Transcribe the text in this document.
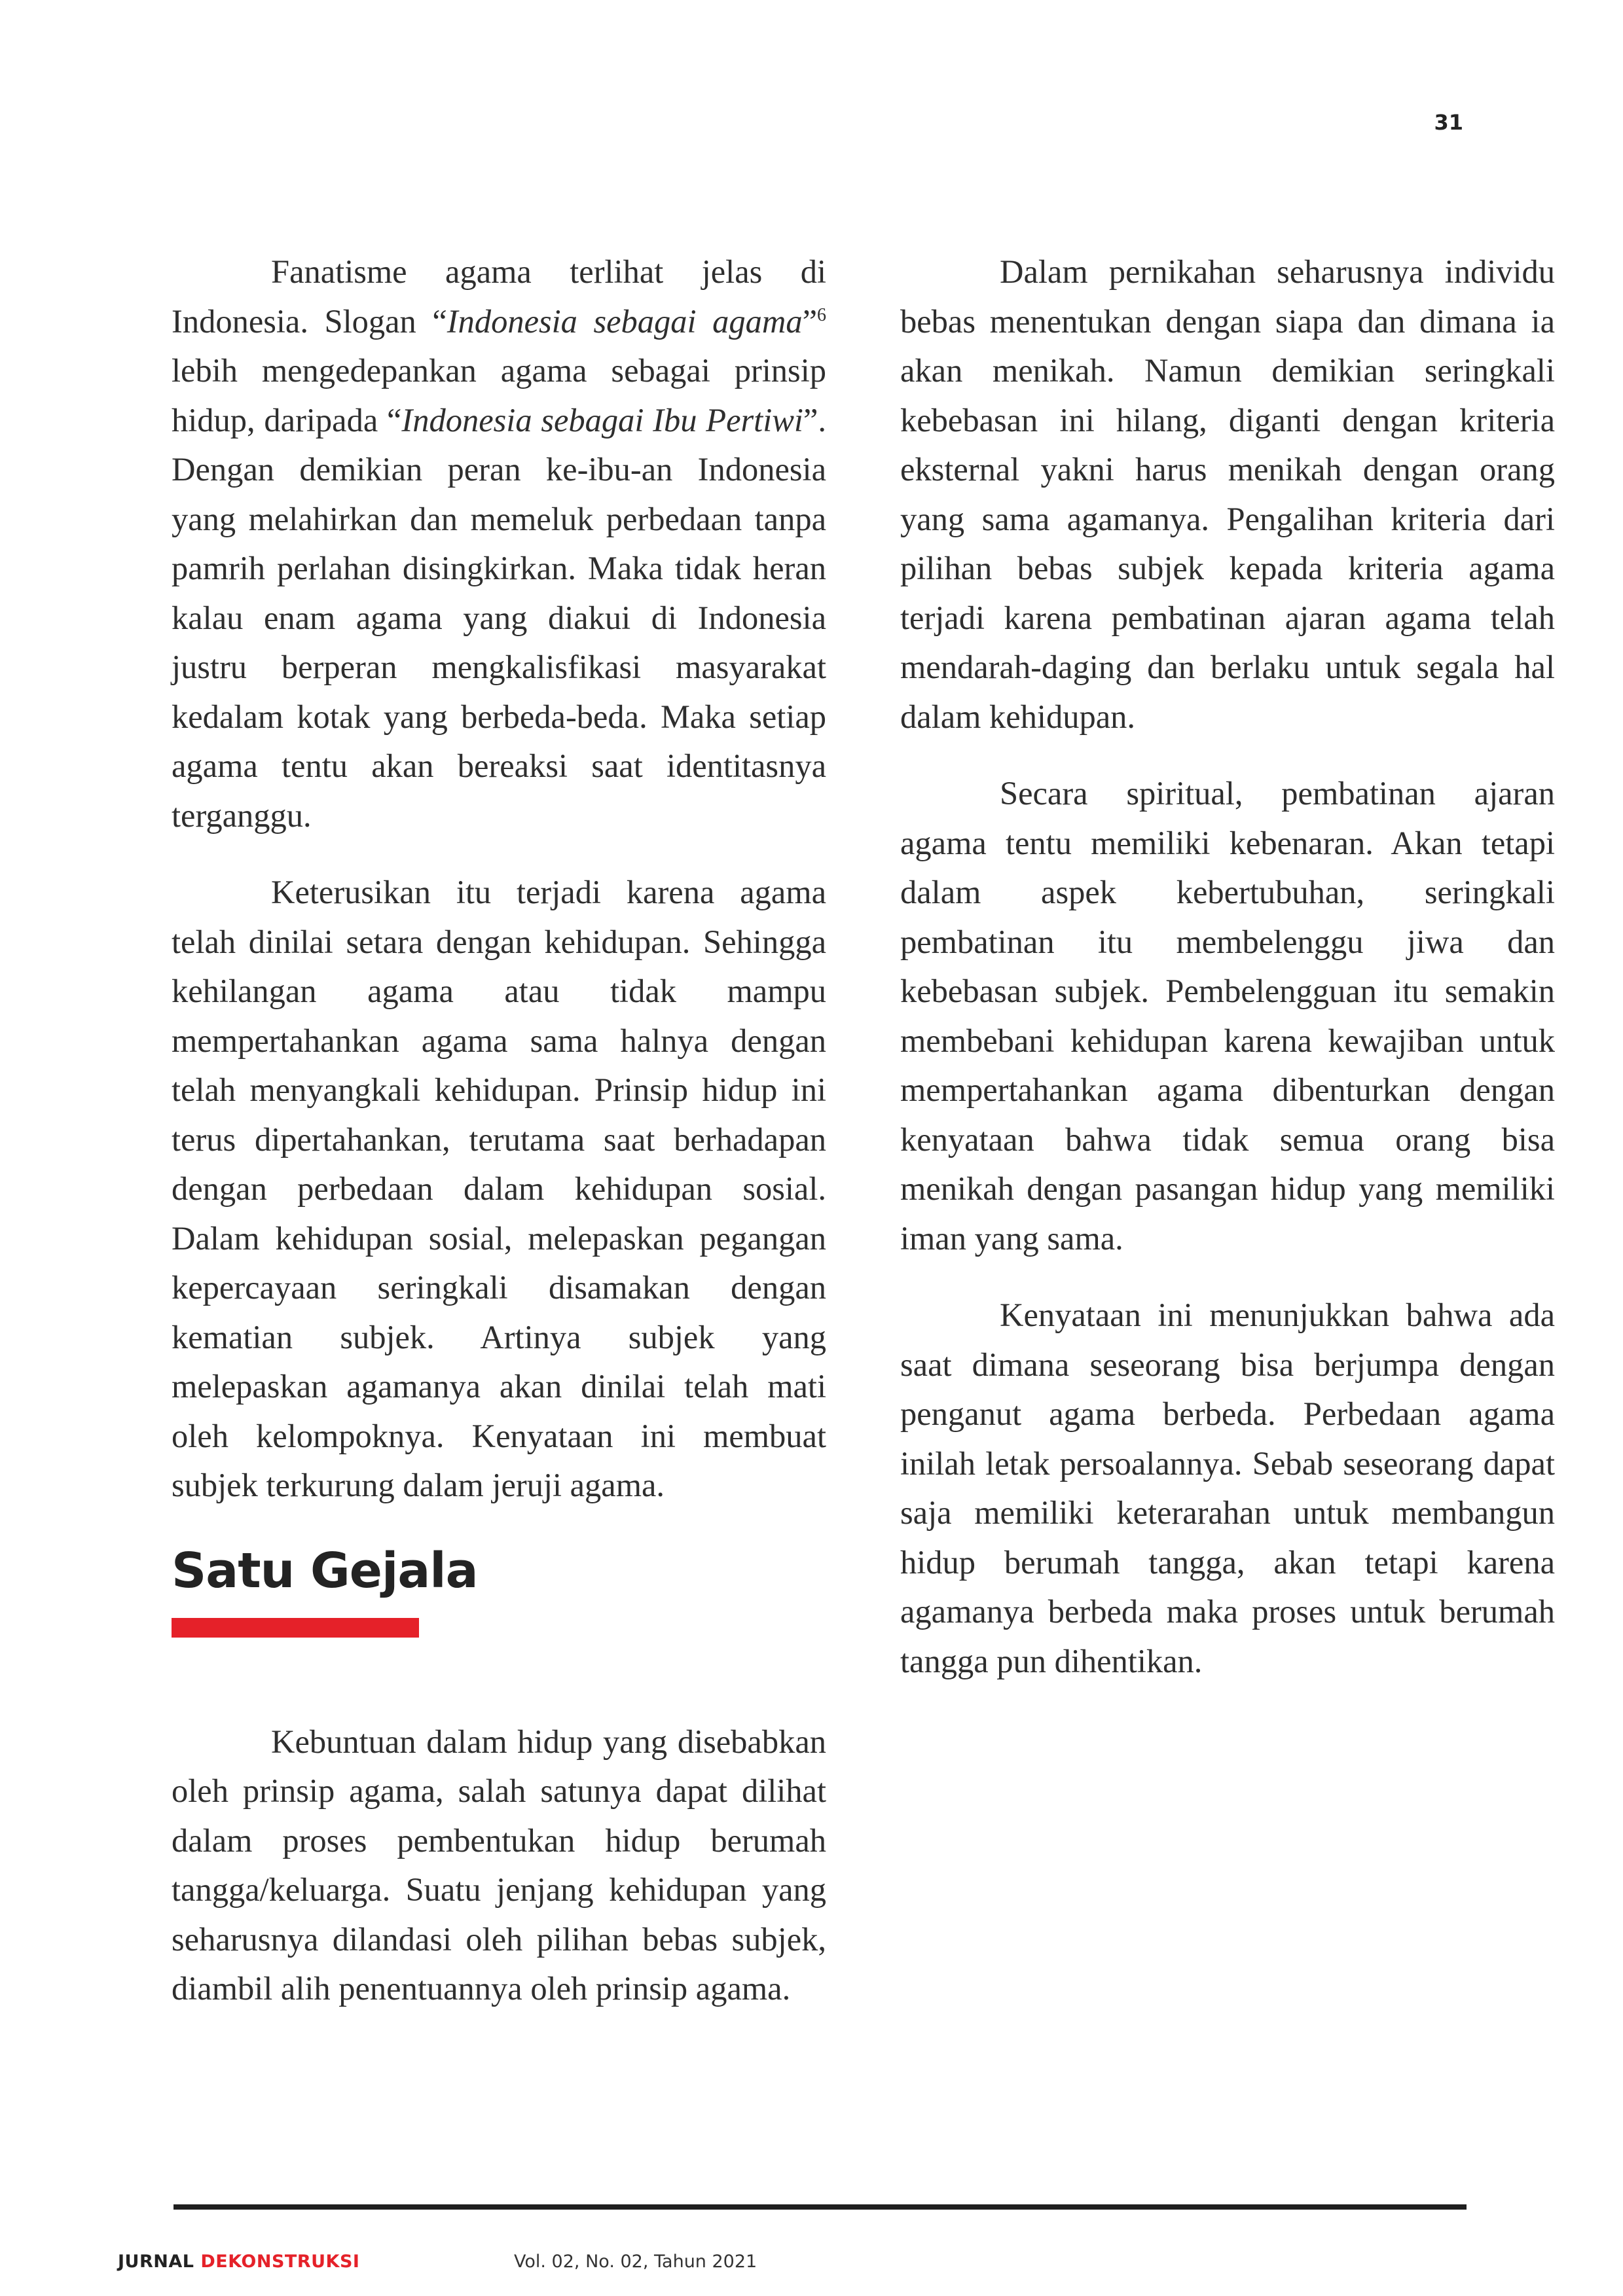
31

Fanatisme agama terlihat jelas di Indonesia. Slogan “Indonesia sebagai agama”$^6$ lebih mengedepankan agama sebagai prinsip hidup, daripada “Indonesia sebagai Ibu Pertiwi”. Dengan demikian peran ke-ibu-an Indonesia yang melahirkan dan memeluk perbedaan tanpa pamrih perlahan disingkirkan. Maka tidak heran kalau enam agama yang diakui di Indonesia justru berperan mengkalisfikasi masyarakat kedalam kotak yang berbeda-beda. Maka setiap agama tentu akan bereaksi saat identitasnya terganggu.

Keterusikan itu terjadi karena agama telah dinilai setara dengan kehidupan. Sehingga kehilangan agama atau tidak mampu mempertahankan agama sama halnya dengan telah menyangkali kehidupan. Prinsip hidup ini terus dipertahankan, terutama saat berhadapan dengan perbedaan dalam kehidupan sosial. Dalam kehidupan sosial, melepaskan pegangan kepercayaan seringkali disamakan dengan kematian subjek. Artinya subjek yang melepaskan agamanya akan dinilai telah mati oleh kelompoknya. Kenyataan ini membuat subjek terkurung dalam jeruji agama.

Satu Gejala

Kebuntuan dalam hidup yang disebabkan oleh prinsip agama, salah satunya dapat dilihat dalam proses pembentukan hidup berumah tangga/keluarga. Suatu jenjang kehidupan yang seharusnya dilandasi oleh pilihan bebas subjek, diambil alih penentuannya oleh prinsip agama.

Dalam pernikahan seharusnya individu bebas menentukan dengan siapa dan dimana ia akan menikah. Namun demikian seringkali kebebasan ini hilang, diganti dengan kriteria eksternal yakni harus menikah dengan orang yang sama agamanya. Pengalihan kriteria dari pilihan bebas subjek kepada kriteria agama terjadi karena pembatinan ajaran agama telah mendarah-daging dan berlaku untuk segala hal dalam kehidupan.

Secara spiritual, pembatinan ajaran agama tentu memiliki kebenaran. Akan tetapi dalam aspek kebertubuhan, seringkali pembatinan itu membelenggu jiwa dan kebebasan subjek. Pembelengguan itu semakin membebani kehidupan karena kewajiban untuk mempertahankan agama dibenturkan dengan kenyataan bahwa tidak semua orang bisa menikah dengan pasangan hidup yang memiliki iman yang sama.

Kenyataan ini menunjukkan bahwa ada saat dimana seseorang bisa berjumpa dengan penganut agama berbeda. Perbedaan agama inilah letak persoalannya. Sebab seseorang dapat saja memiliki keterarahan untuk membangun hidup berumah tangga, akan tetapi karena agamanya berbeda maka proses untuk berumah tangga pun dihentikan.

JURNAL DEKONSTRUKSI	Vol. 02, No. 02, Tahun 2021
